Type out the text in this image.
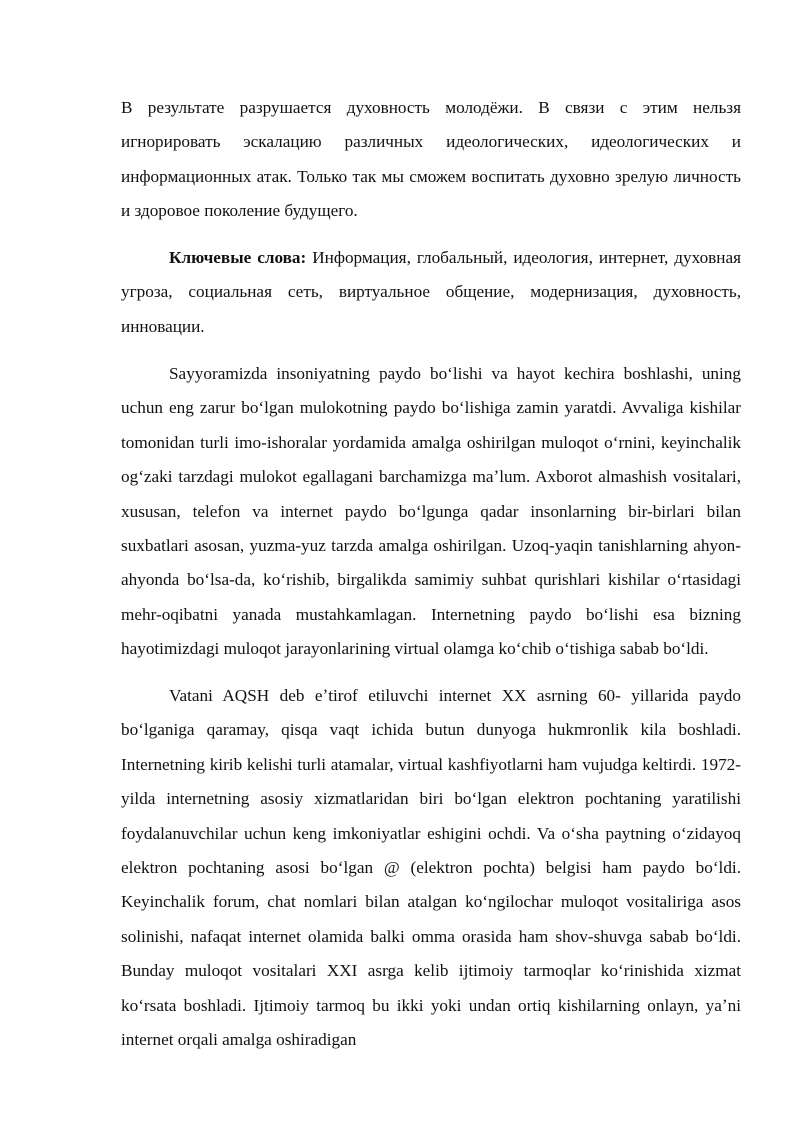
В результате разрушается духовность молодёжи. В связи с этим нельзя игнорировать эскалацию различных идеологических, идеологических и информационных атак. Только так мы сможем воспитать духовно зрелую личность и здоровое поколение будущего.

Ключевые слова: Информация, глобальный, идеология, интернет, духовная угроза, социальная сеть, виртуальное общение, модернизация, духовность, инновации.

Sayyoramizda insoniyatning paydo boʻlishi va hayot kechira boshlashi, uning uchun eng zarur boʻlgan mulokotning paydo boʻlishiga zamin yaratdi. Avvaliga kishilar tomonidan turli imo-ishoralar yordamida amalga oshirilgan muloqot oʻrnini, keyinchalik ogʻzaki tarzdagi mulokot egallagani barchamizga maʼlum. Axborot almashish vositalari, xususan, telefon va internet paydo boʻlgunga qadar insonlarning bir-birlari bilan suxbatlari asosan, yuzma-yuz tarzda amalga oshirilgan. Uzoq-yaqin tanishlarning ahyon-ahyonda boʻlsa-da, koʻrishib, birgalikda samimiy suhbat qurishlari kishilar oʻrtasidagi mehr-oqibatni yanada mustahkamlagan. Internetning paydo boʻlishi esa bizning hayotimizdagi muloqot jarayonlarining virtual olamga koʻchib oʻtishiga sabab boʻldi.

Vatani AQSH deb eʼtirof etiluvchi internet XX asrning 60- yillarida paydo boʻlganiga qaramay, qisqa vaqt ichida butun dunyoga hukmronlik kila boshladi. Internetning kirib kelishi turli atamalar, virtual kashfiyotlarni ham vujudga keltirdi. 1972-yilda internetning asosiy xizmatlaridan biri boʻlgan elektron pochtaning yaratilishi foydalanuvchilar uchun keng imkoniyatlar eshigini ochdi. Va oʻsha paytning oʻzidayoq elektron pochtaning asosi boʻlgan @ (elektron pochta) belgisi ham paydo boʻldi. Keyinchalik forum, chat nomlari bilan atalgan koʻngilochar muloqot vositaliriga asos solinishi, nafaqat internet olamida balki omma orasida ham shov-shuvga sabab boʻldi. Bunday muloqot vositalari XXI asrga kelib ijtimoiy tarmoqlar koʻrinishida xizmat koʻrsata boshladi. Ijtimoiy tarmoq bu ikki yoki undan ortiq kishilarning onlayn, yaʼni internet orqali amalga oshiradigan
